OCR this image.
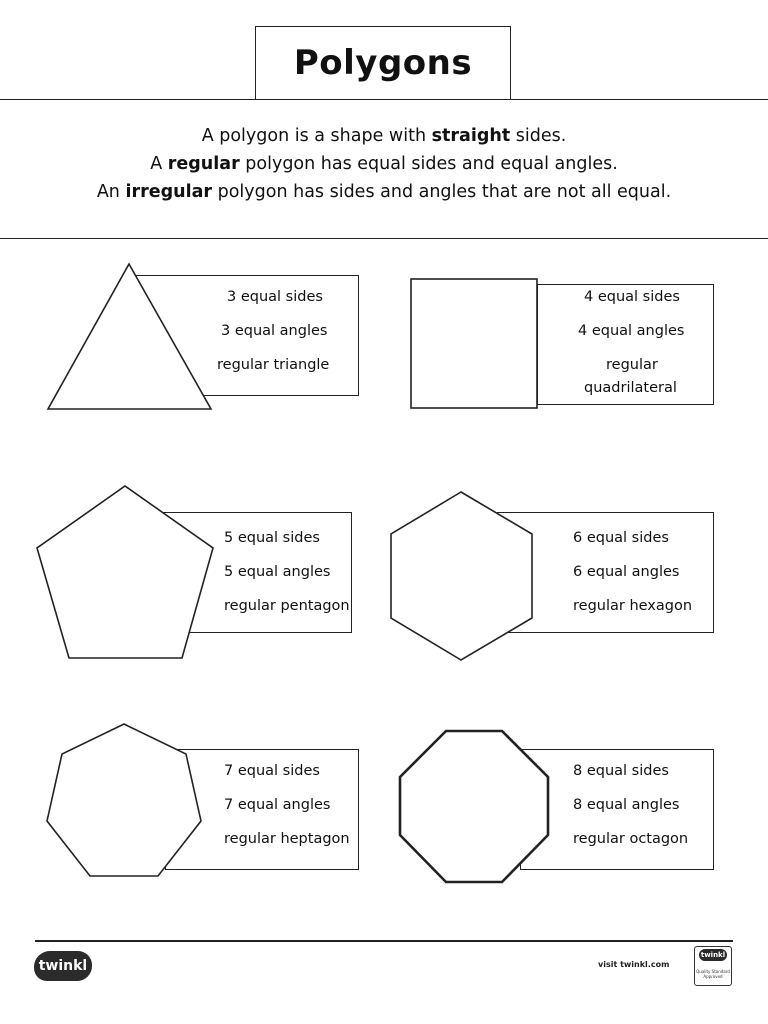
Polygons

A polygon is a shape with straight sides.

A regular polygon has equal sides and equal angles.

An irregular polygon has sides and angles that are not all equal.

3 equal sides
3 equal angles
regular triangle
4 equal sides
4 equal angles
regular
quadrilateral
5 equal sides
5 equal angles
regular pentagon
6 equal sides
6 equal angles
regular hexagon
7 equal sides
7 equal angles
regular heptagon
8 equal sides
8 equal angles
regular octagon
twinkl	visit twinkl.com
twinkl
Quality Standard
Approved
